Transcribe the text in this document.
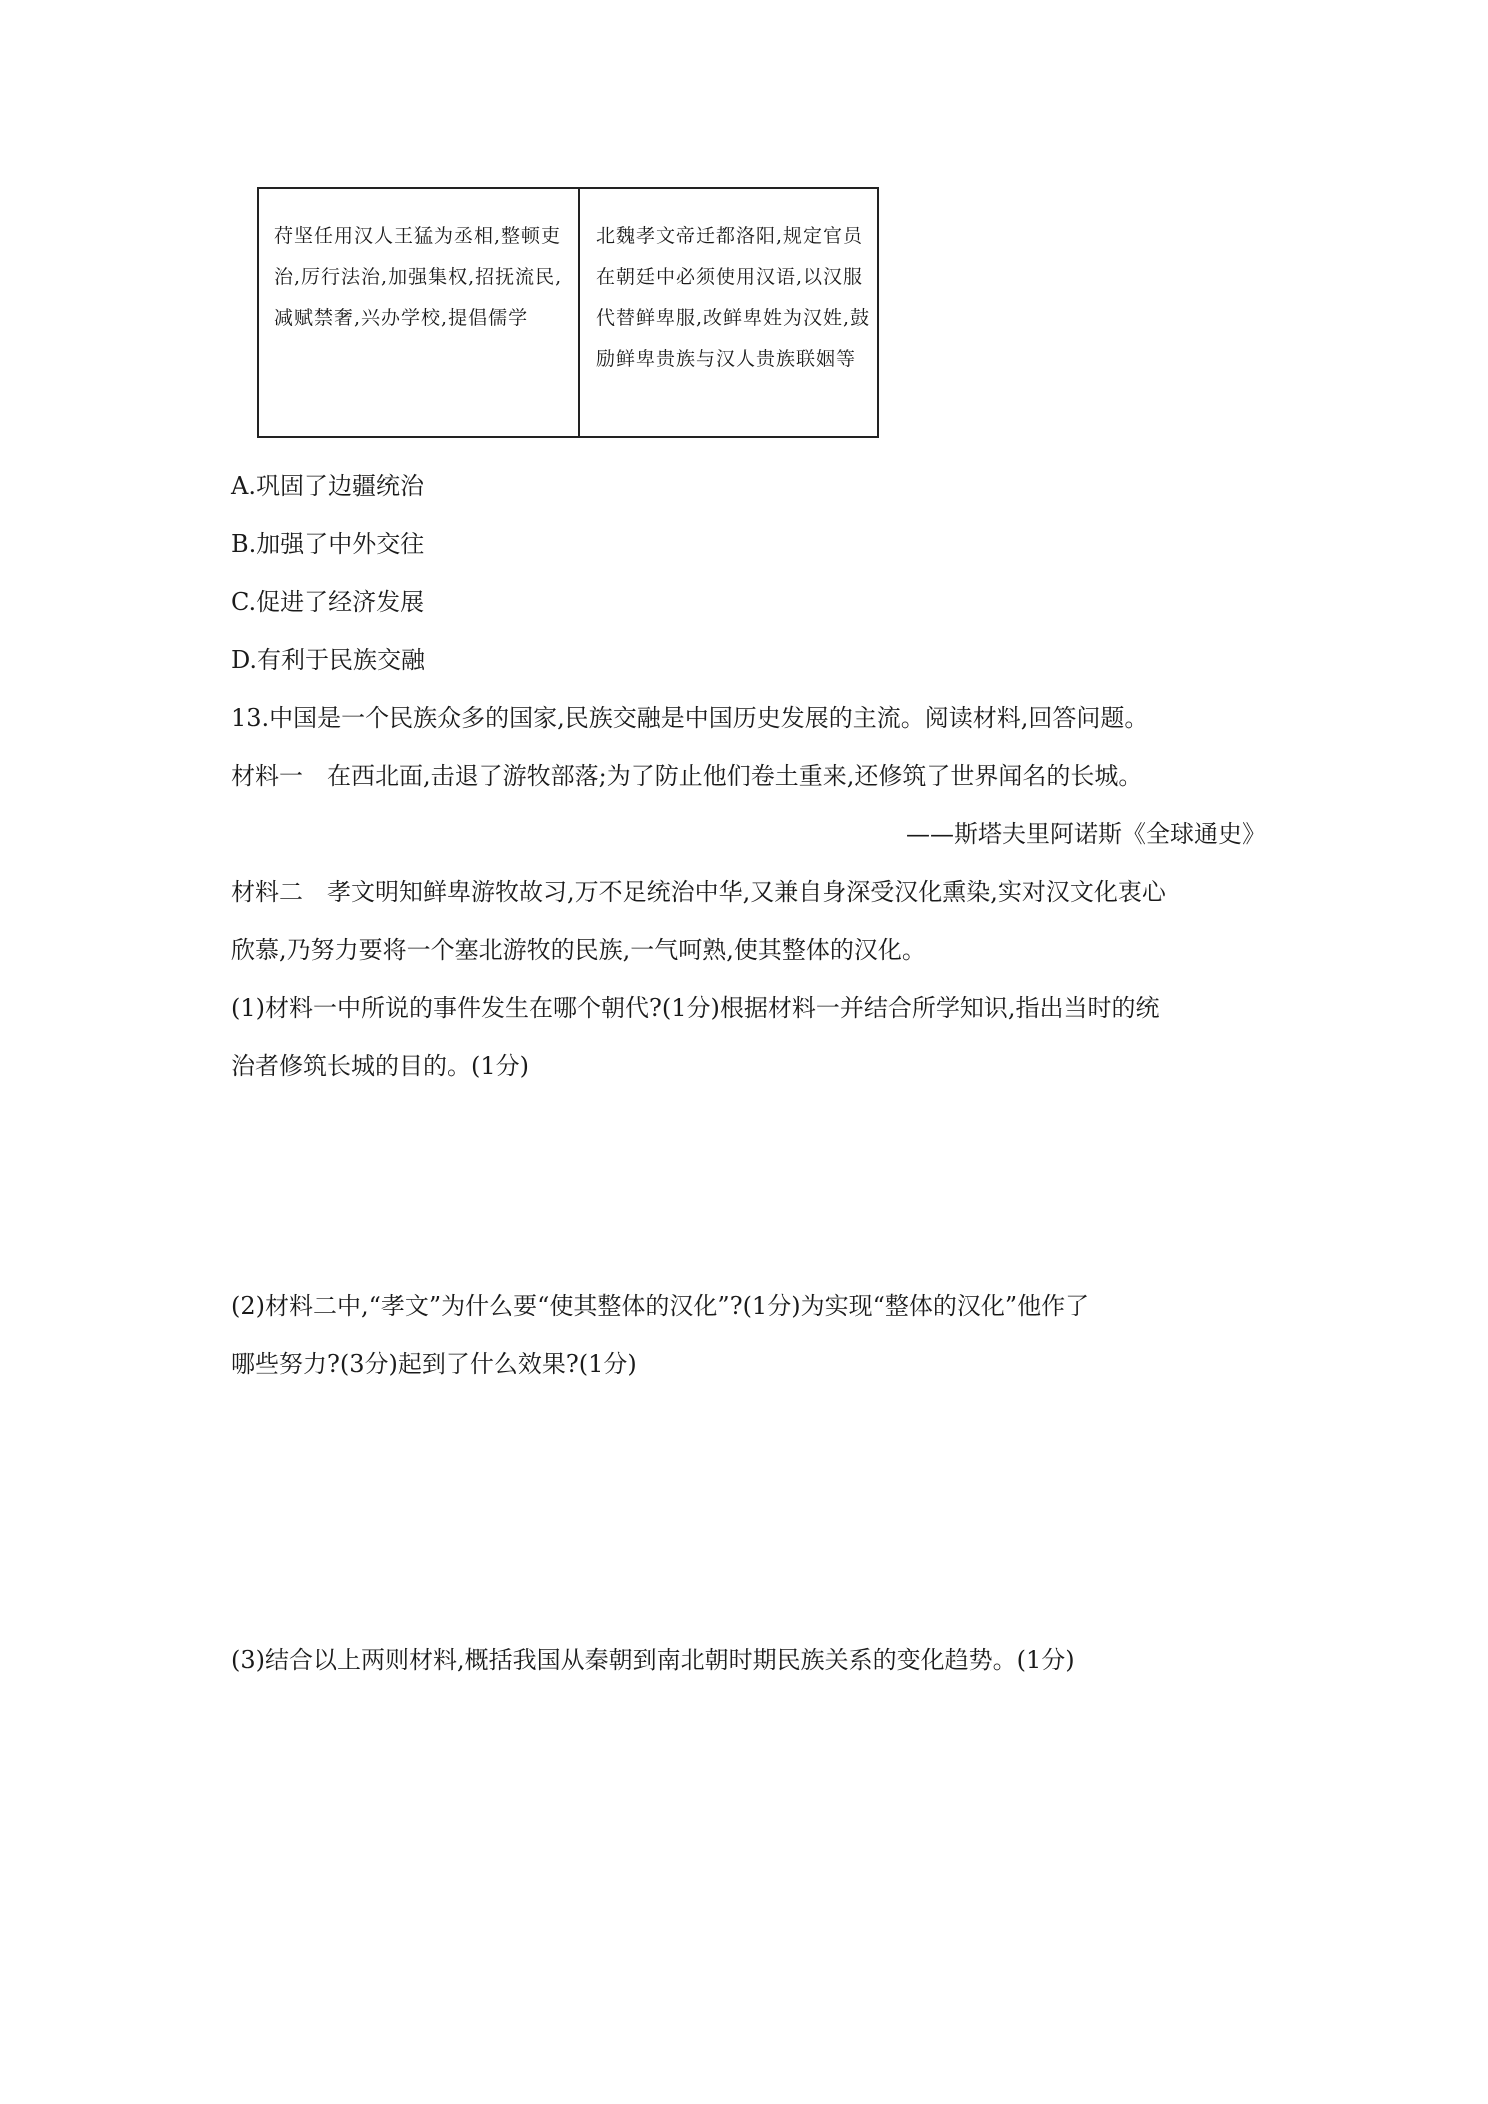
苻坚任用汉人王猛为丞相,整顿吏治,厉行法治,加强集权,招抚流民,减赋禁奢,兴办学校,提倡儒学
北魏孝文帝迁都洛阳,规定官员在朝廷中必须使用汉语,以汉服代替鲜卑服,改鲜卑姓为汉姓,鼓励鲜卑贵族与汉人贵族联姻等
A.巩固了边疆统治
B.加强了中外交往
C.促进了经济发展
D.有利于民族交融
13.中国是一个民族众多的国家,民族交融是中国历史发展的主流。阅读材料,回答问题。
材料一　在西北面,击退了游牧部落;为了防止他们卷土重来,还修筑了世界闻名的长城。
——斯塔夫里阿诺斯《全球通史》
材料二　孝文明知鲜卑游牧故习,万不足统治中华,又兼自身深受汉化熏染,实对汉文化衷心
欣慕,乃努力要将一个塞北游牧的民族,一气呵熟,使其整体的汉化。
(1)材料一中所说的事件发生在哪个朝代?(1分)根据材料一并结合所学知识,指出当时的统
治者修筑长城的目的。(1分)
(2)材料二中,“孝文”为什么要“使其整体的汉化”?(1分)为实现“整体的汉化”他作了
哪些努力?(3分)起到了什么效果?(1分)
(3)结合以上两则材料,概括我国从秦朝到南北朝时期民族关系的变化趋势。(1分)
